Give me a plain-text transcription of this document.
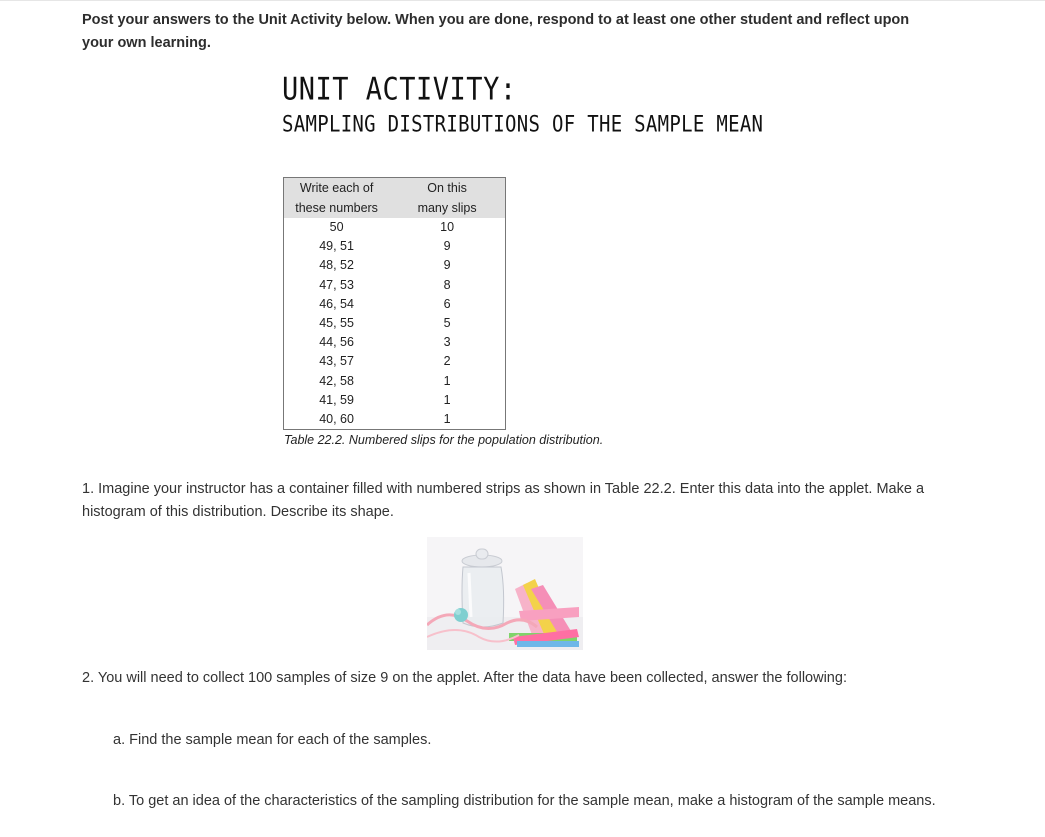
Post your answers to the Unit Activity below. When you are done, respond to at least one other student and reflect upon your own learning.
UNIT ACTIVITY:
SAMPLING DISTRIBUTIONS OF THE SAMPLE MEAN
Write each of	On this

these numbers	many slips

50	10
49, 51	9
48, 52	9
47, 53	8
46, 54	6
45, 55	5
44, 56	3
43, 57	2
42, 58	1
41, 59	1
40, 60	1
Table 22.2. Numbered slips for the population distribution.
1. Imagine your instructor has a container filled with numbered strips as shown in Table 22.2. Enter this data into the applet. Make a histogram of this distribution. Describe its shape.
2. You will need to collect 100 samples of size 9 on the applet. After the data have been collected, answer the following:
a. Find the sample mean for each of the samples.
b. To get an idea of the characteristics of the sampling distribution for the sample mean, make a histogram of the sample means.
